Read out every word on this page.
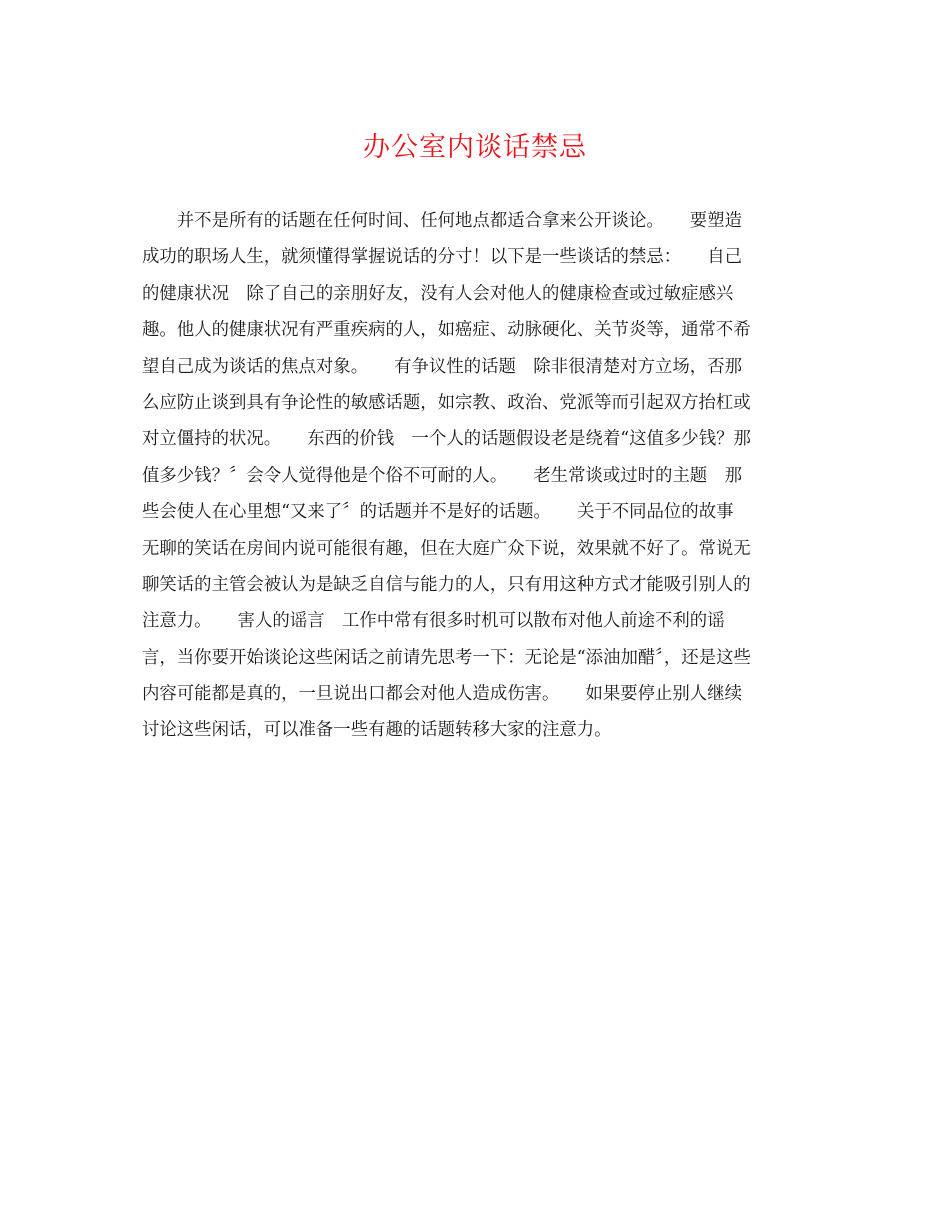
办公室内谈话禁忌
　　并不是所有的话题在任何时间、任何地点都适合拿来公开谈论。　　要塑造
成功的职场人生，就须懂得掌握说话的分寸！以下是一些谈话的禁忌：　　自己
的健康状况　除了自己的亲朋好友，没有人会对他人的健康检查或过敏症感兴
趣。他人的健康状况有严重疾病的人，如癌症、动脉硬化、关节炎等，通常不希
望自己成为谈话的焦点对象。　　有争议性的话题　除非很清楚对方立场，否那
么应防止谈到具有争论性的敏感话题，如宗教、政治、党派等而引起双方抬杠或
对立僵持的状况。　　东西的价钱　一个人的话题假设老是绕着“这值多少钱？那
值多少钱？〞会令人觉得他是个俗不可耐的人。　　老生常谈或过时的主题　那
些会使人在心里想“又来了〞的话题并不是好的话题。　　关于不同品位的故事
无聊的笑话在房间内说可能很有趣，但在大庭广众下说，效果就不好了。常说无
聊笑话的主管会被认为是缺乏自信与能力的人，只有用这种方式才能吸引别人的
注意力。　　害人的谣言　工作中常有很多时机可以散布对他人前途不利的谣
言，当你要开始谈论这些闲话之前请先思考一下：无论是“添油加醋〞，还是这些
内容可能都是真的，一旦说出口都会对他人造成伤害。　　如果要停止别人继续
讨论这些闲话，可以准备一些有趣的话题转移大家的注意力。
